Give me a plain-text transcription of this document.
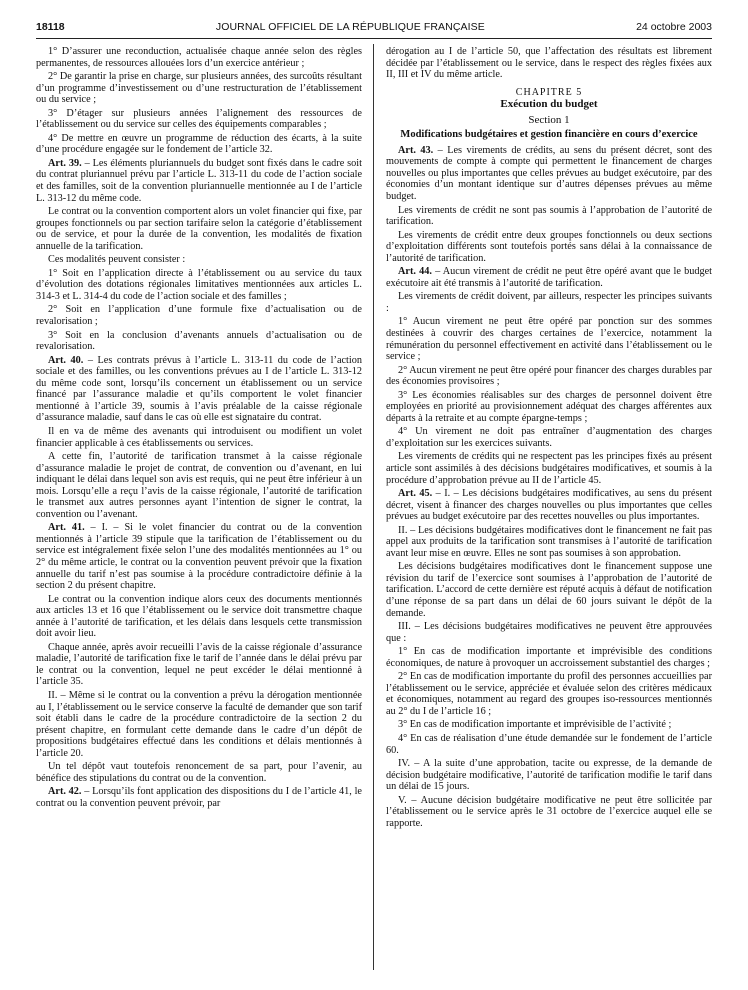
18118	JOURNAL OFFICIEL DE LA RÉPUBLIQUE FRANÇAISE	24 octobre 2003

1° D’assurer une reconduction, actualisée chaque année selon des règles permanentes, de ressources allouées lors d’un exercice antérieur ;

2° De garantir la prise en charge, sur plusieurs années, des surcoûts résultant d’un programme d’investissement ou d’une restructuration de l’établissement ou du service ;

3° D’étager sur plusieurs années l’alignement des ressources de l’établissement ou du service sur celles des équipements comparables ;

4° De mettre en œuvre un programme de réduction des écarts, à la suite d’une procédure engagée sur le fondement de l’article 32.

Art. 39. – Les éléments pluriannuels du budget sont fixés dans le cadre soit du contrat pluriannuel prévu par l’article L. 313-11 du code de l’action sociale et des familles, soit de la convention pluriannuelle mentionnée au I de l’article L. 313-12 du même code.

Le contrat ou la convention comportent alors un volet financier qui fixe, par groupes fonctionnels ou par section tarifaire selon la catégorie d’établissement ou de service, et pour la durée de la convention, les modalités de fixation annuelle de la tarification.

Ces modalités peuvent consister :

1° Soit en l’application directe à l’établissement ou au service du taux d’évolution des dotations régionales limitatives mentionnées aux articles L. 314-3 et L. 314-4 du code de l’action sociale et des familles ;

2° Soit en l’application d’une formule fixe d’actualisation ou de revalorisation ;

3° Soit en la conclusion d’avenants annuels d’actualisation ou de revalorisation.

Art. 40. – Les contrats prévus à l’article L. 313-11 du code de l’action sociale et des familles, ou les conventions prévues au I de l’article L. 313-12 du même code sont, lorsqu’ils concernent un établissement ou un service financé par l’assurance maladie et qu’ils comportent le volet financier mentionné à l’article 39, soumis à l’avis préalable de la caisse régionale d’assurance maladie, sauf dans le cas où elle est signataire du contrat.

Il en va de même des avenants qui introduisent ou modifient un volet financier applicable à ces établissements ou services.

A cette fin, l’autorité de tarification transmet à la caisse régionale d’assurance maladie le projet de contrat, de convention ou d’avenant, en lui indiquant le délai dans lequel son avis est requis, qui ne peut être inférieur à un mois. Lorsqu’elle a reçu l’avis de la caisse régionale, l’autorité de tarification le transmet aux autres personnes ayant l’intention de signer le contrat, la convention ou l’avenant.

Art. 41. – I. – Si le volet financier du contrat ou de la convention mentionnés à l’article 39 stipule que la tarification de l’établissement ou du service est intégralement fixée selon l’une des modalités mentionnées au 1° ou 2° du même article, le contrat ou la convention peuvent prévoir que la fixation annuelle du tarif n’est pas soumise à la procédure contradictoire définie à la section 2 du présent chapitre.

Le contrat ou la convention indique alors ceux des documents mentionnés aux articles 13 et 16 que l’établissement ou le service doit transmettre chaque année à l’autorité de tarification, et les délais dans lesquels cette transmission doit avoir lieu.

Chaque année, après avoir recueilli l’avis de la caisse régionale d’assurance maladie, l’autorité de tarification fixe le tarif de l’année dans le délai prévu par le contrat ou la convention, lequel ne peut excéder le délai mentionné à l’article 35.

II. – Même si le contrat ou la convention a prévu la dérogation mentionnée au I, l’établissement ou le service conserve la faculté de demander que son tarif soit établi dans le cadre de la procédure contradictoire de la section 2 du présent chapitre, en formulant cette demande dans le cadre d’un dépôt de propositions budgétaires effectué dans les conditions et délais mentionnés à l’article 20.

Un tel dépôt vaut toutefois renoncement de sa part, pour l’avenir, au bénéfice des stipulations du contrat ou de la convention.

Art. 42. – Lorsqu’ils font application des dispositions du I de l’article 41, le contrat ou la convention peuvent prévoir, par

dérogation au I de l’article 50, que l’affectation des résultats est librement décidée par l’établissement ou le service, dans le respect des règles fixées aux II, III et IV du même article.

CHAPITRE 5
Exécution du budget
Section 1
Modifications budgétaires et gestion financière en cours d’exercice

Art. 43. – Les virements de crédits, au sens du présent décret, sont des mouvements de compte à compte qui permettent le financement de charges nouvelles ou plus importantes que celles prévues au budget exécutoire, par des économies d’un montant identique sur d’autres dépenses prévues au même budget.

Les virements de crédit ne sont pas soumis à l’approbation de l’autorité de tarification.

Les virements de crédit entre deux groupes fonctionnels ou deux sections d’exploitation différents sont toutefois portés sans délai à la connaissance de l’autorité de tarification.

Art. 44. – Aucun virement de crédit ne peut être opéré avant que le budget exécutoire ait été transmis à l’autorité de tarification.

Les virements de crédit doivent, par ailleurs, respecter les principes suivants :

1° Aucun virement ne peut être opéré par ponction sur des sommes destinées à couvrir des charges certaines de l’exercice, notamment la rémunération du personnel effectivement en activité dans l’établissement ou le service ;

2° Aucun virement ne peut être opéré pour financer des charges durables par des économies provisoires ;

3° Les économies réalisables sur des charges de personnel doivent être employées en priorité au provisionnement adéquat des charges afférentes aux départs à la retraite et au compte épargne-temps ;

4° Un virement ne doit pas entraîner d’augmentation des charges d’exploitation sur les exercices suivants.

Les virements de crédits qui ne respectent pas les principes fixés au présent article sont assimilés à des décisions budgétaires modificatives, et soumis à la procédure d’approbation prévue au II de l’article 45.

Art. 45. – I. – Les décisions budgétaires modificatives, au sens du présent décret, visent à financer des charges nouvelles ou plus importantes que celles prévues au budget exécutoire par des recettes nouvelles ou plus importantes.

II. – Les décisions budgétaires modificatives dont le financement ne fait pas appel aux produits de la tarification sont transmises à l’autorité de tarification avant leur mise en œuvre. Elles ne sont pas soumises à son approbation.

Les décisions budgétaires modificatives dont le financement suppose une révision du tarif de l’exercice sont soumises à l’approbation de l’autorité de tarification. L’accord de cette dernière est réputé acquis à défaut de notification d’une réponse de sa part dans un délai de 60 jours suivant le dépôt de la demande.

III. – Les décisions budgétaires modificatives ne peuvent être approuvées que :

1° En cas de modification importante et imprévisible des conditions économiques, de nature à provoquer un accroissement substantiel des charges ;

2° En cas de modification importante du profil des personnes accueillies par l’établissement ou le service, appréciée et évaluée selon des critères médicaux et économiques, notamment au regard des groupes iso-ressources mentionnés au 2° du I de l’article 16 ;

3° En cas de modification importante et imprévisible de l’activité ;

4° En cas de réalisation d’une étude demandée sur le fondement de l’article 60.

IV. – A la suite d’une approbation, tacite ou expresse, de la demande de décision budgétaire modificative, l’autorité de tarification modifie le tarif dans un délai de 15 jours.

V. – Aucune décision budgétaire modificative ne peut être sollicitée par l’établissement ou le service après le 31 octobre de l’exercice auquel elle se rapporte.
